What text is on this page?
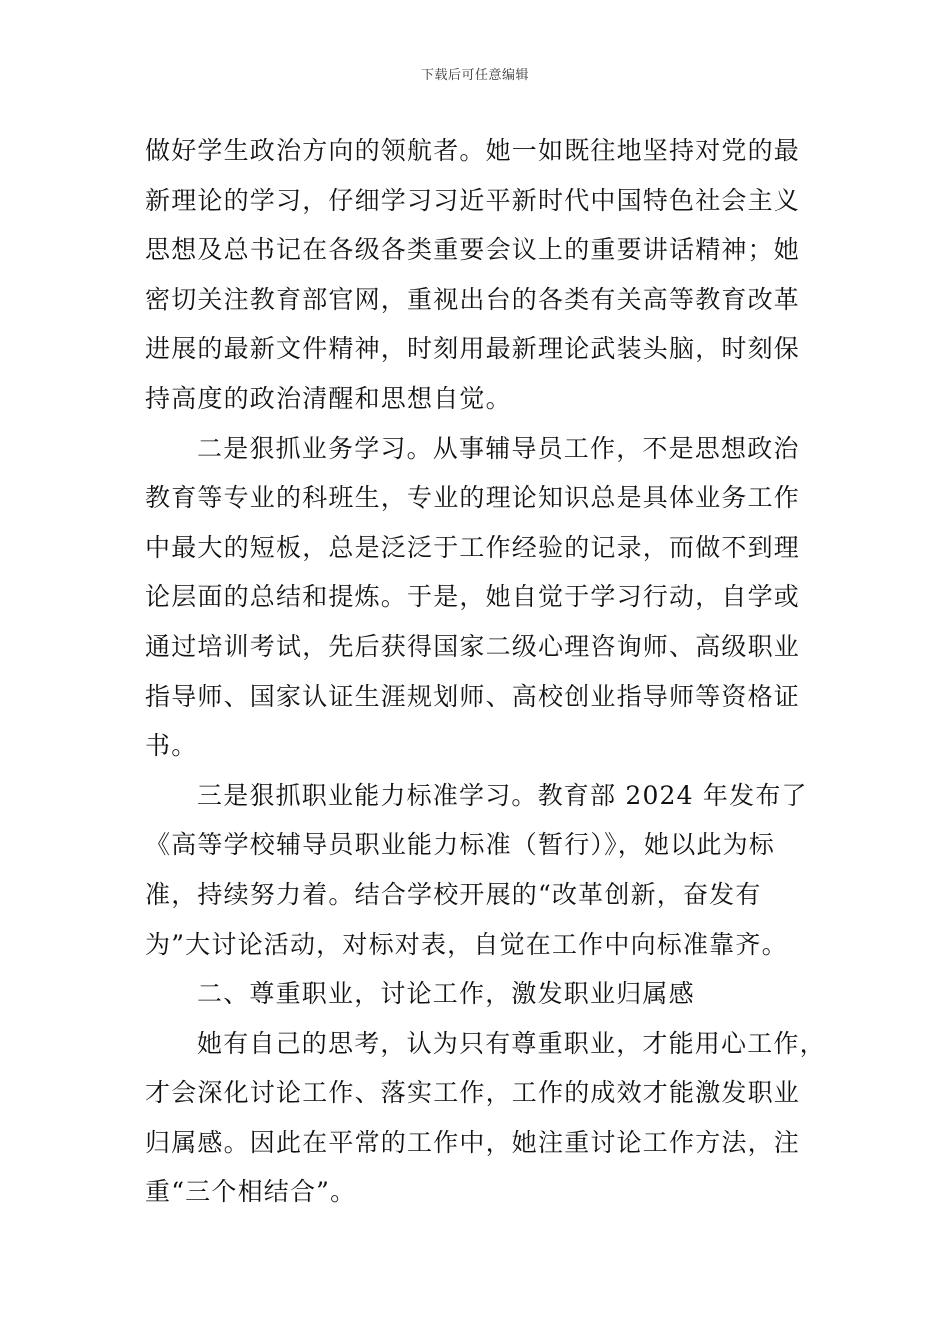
下载后可任意编辑
做好学生政治方向的领航者。她一如既往地坚持对党的最
新理论的学习，仔细学习习近平新时代中国特色社会主义
思想及总书记在各级各类重要会议上的重要讲话精神；她
密切关注教育部官网，重视出台的各类有关高等教育改革
进展的最新文件精神，时刻用最新理论武装头脑，时刻保
持高度的政治清醒和思想自觉。
二是狠抓业务学习。从事辅导员工作，不是思想政治
教育等专业的科班生，专业的理论知识总是具体业务工作
中最大的短板，总是泛泛于工作经验的记录，而做不到理
论层面的总结和提炼。于是，她自觉于学习行动，自学或
通过培训考试，先后获得国家二级心理咨询师、高级职业
指导师、国家认证生涯规划师、高校创业指导师等资格证
书。
三是狠抓职业能力标准学习。教育部 2024 年发布了
《高等学校辅导员职业能力标准（暂行）》，她以此为标
准，持续努力着。结合学校开展的“改革创新，奋发有
为”大讨论活动，对标对表，自觉在工作中向标准靠齐。
二、尊重职业，讨论工作，激发职业归属感
她有自己的思考，认为只有尊重职业，才能用心工作，
才会深化讨论工作、落实工作，工作的成效才能激发职业
归属感。因此在平常的工作中，她注重讨论工作方法，注
重“三个相结合”。
